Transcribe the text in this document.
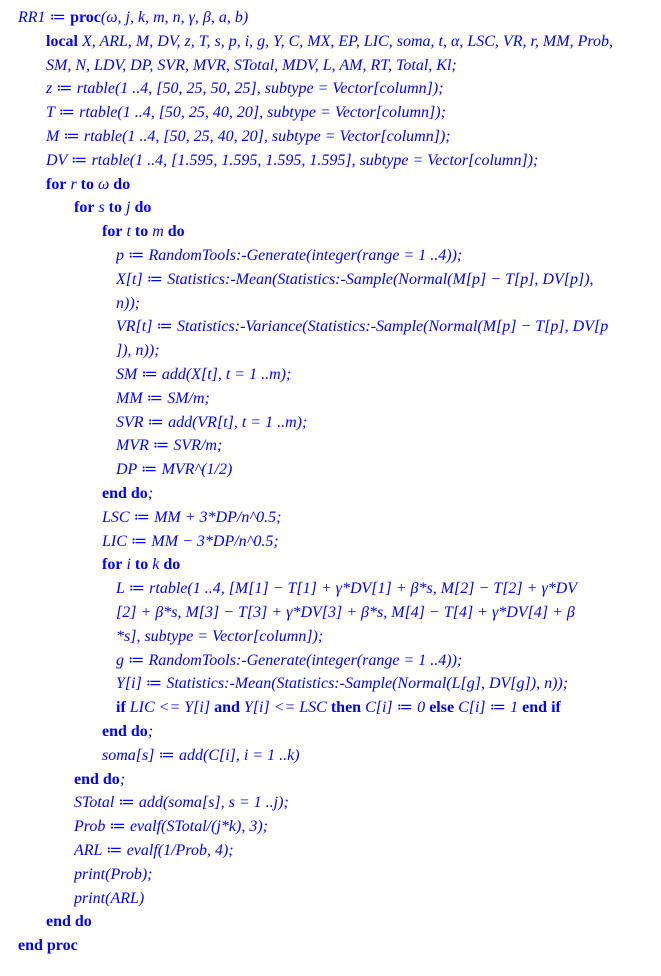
RR1 ≔ proc(ω, j, k, m, n, γ, β, a, b)
local X, ARL, M, DV, z, T, s, p, i, g, Y, C, MX, EP, LIC, soma, t, α, LSC, VR, r, MM, Prob,
SM, N, LDV, DP, SVR, MVR, STotal, MDV, L, AM, RT, Total, Kl;
z ≔ rtable(1 ..4, [50, 25, 50, 25], subtype = Vector[column]);
T ≔ rtable(1 ..4, [50, 25, 40, 20], subtype = Vector[column]);
M ≔ rtable(1 ..4, [50, 25, 40, 20], subtype = Vector[column]);
DV ≔ rtable(1 ..4, [1.595, 1.595, 1.595, 1.595], subtype = Vector[column]);
for r to ω do
for s to j do
for t to m do
p ≔ RandomTools:-Generate(integer(range = 1 ..4));
X[t] ≔ Statistics:-Mean(Statistics:-Sample(Normal(M[p] − T[p], DV[p]),
n));
VR[t] ≔ Statistics:-Variance(Statistics:-Sample(Normal(M[p] − T[p], DV[p
]), n));
SM ≔ add(X[t], t = 1 ..m);
MM ≔ SM/m;
SVR ≔ add(VR[t], t = 1 ..m);
MVR ≔ SVR/m;
DP ≔ MVR^(1/2)
end do;
LSC ≔ MM + 3*DP/n^0.5;
LIC ≔ MM − 3*DP/n^0.5;
for i to k do
L ≔ rtable(1 ..4, [M[1] − T[1] + γ*DV[1] + β*s, M[2] − T[2] + γ*DV
[2] + β*s, M[3] − T[3] + γ*DV[3] + β*s, M[4] − T[4] + γ*DV[4] + β
*s], subtype = Vector[column]);
g ≔ RandomTools:-Generate(integer(range = 1 ..4));
Y[i] ≔ Statistics:-Mean(Statistics:-Sample(Normal(L[g], DV[g]), n));
if LIC <= Y[i] and Y[i] <= LSC then C[i] ≔ 0 else C[i] ≔ 1 end if
end do;
soma[s] ≔ add(C[i], i = 1 ..k)
end do;
STotal ≔ add(soma[s], s = 1 ..j);
Prob ≔ evalf(STotal/(j*k), 3);
ARL ≔ evalf(1/Prob, 4);
print(Prob);
print(ARL)
end do
end proc
